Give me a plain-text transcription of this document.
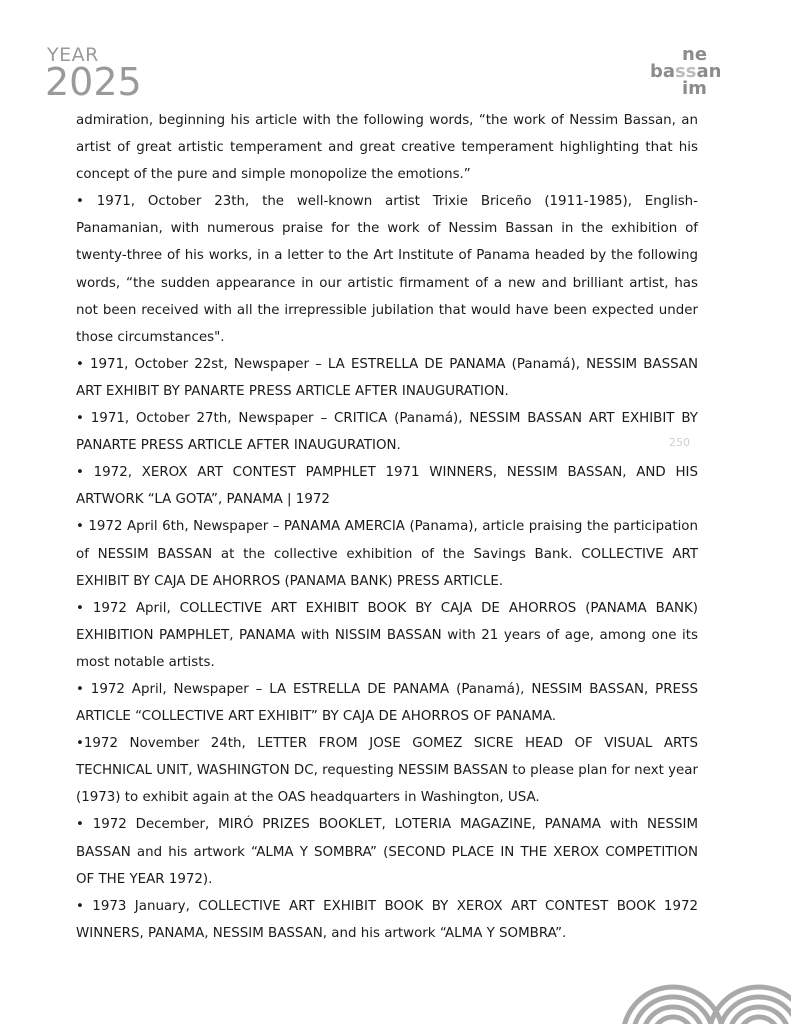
YEAR
2025
ne
bassan
im

admiration, beginning his article with the following words, “the work of Nessim Bassan, an artist of great artistic temperament and great creative temperament highlighting that his concept of the pure and simple monopolize the emotions.”

• 1971, October 23th, the well-known artist Trixie Briceño (1911-1985), English-Panamanian, with numerous praise for the work of Nessim Bassan in the exhibition of twenty-three of his works, in a letter to the Art Institute of Panama headed by the following words, “the sudden appearance in our artistic firmament of a new and brilliant artist, has not been received with all the irrepressible jubilation that would have been expected under those circumstances".

• 1971, October 22st, Newspaper – LA ESTRELLA DE PANAMA (Panamá), NESSIM BASSAN ART EXHIBIT BY PANARTE PRESS ARTICLE AFTER INAUGURATION.

• 1971, October 27th, Newspaper – CRITICA (Panamá), NESSIM BASSAN ART EXHIBIT BY PANARTE PRESS ARTICLE AFTER INAUGURATION.

• 1972, XEROX ART CONTEST PAMPHLET 1971 WINNERS, NESSIM BASSAN, AND HIS ARTWORK “LA GOTA”, PANAMA | 1972

• 1972 April 6th, Newspaper – PANAMA AMERCIA (Panama), article praising the participation of NESSIM BASSAN at the collective exhibition of the Savings Bank. COLLECTIVE ART EXHIBIT BY CAJA DE AHORROS (PANAMA BANK) PRESS ARTICLE.

• 1972 April, COLLECTIVE ART EXHIBIT BOOK BY CAJA DE AHORROS (PANAMA BANK) EXHIBITION PAMPHLET, PANAMA with NISSIM BASSAN with 21 years of age, among one its most notable artists.

• 1972 April, Newspaper – LA ESTRELLA DE PANAMA (Panamá), NESSIM BASSAN, PRESS ARTICLE “COLLECTIVE ART EXHIBIT” BY CAJA DE AHORROS OF PANAMA.

•1972 November 24th, LETTER FROM JOSE GOMEZ SICRE HEAD OF VISUAL ARTS TECHNICAL UNIT, WASHINGTON DC, requesting NESSIM BASSAN to please plan for next year (1973) to exhibit again at the OAS headquarters in Washington, USA.

• 1972 December, MIRÓ PRIZES BOOKLET, LOTERIA MAGAZINE, PANAMA with NESSIM BASSAN and his artwork “ALMA Y SOMBRA” (SECOND PLACE IN THE XEROX COMPETITION OF THE YEAR 1972).

• 1973 January, COLLECTIVE ART EXHIBIT BOOK BY XEROX ART CONTEST BOOK 1972 WINNERS, PANAMA, NESSIM BASSAN, and his artwork “ALMA Y SOMBRA”.

250
